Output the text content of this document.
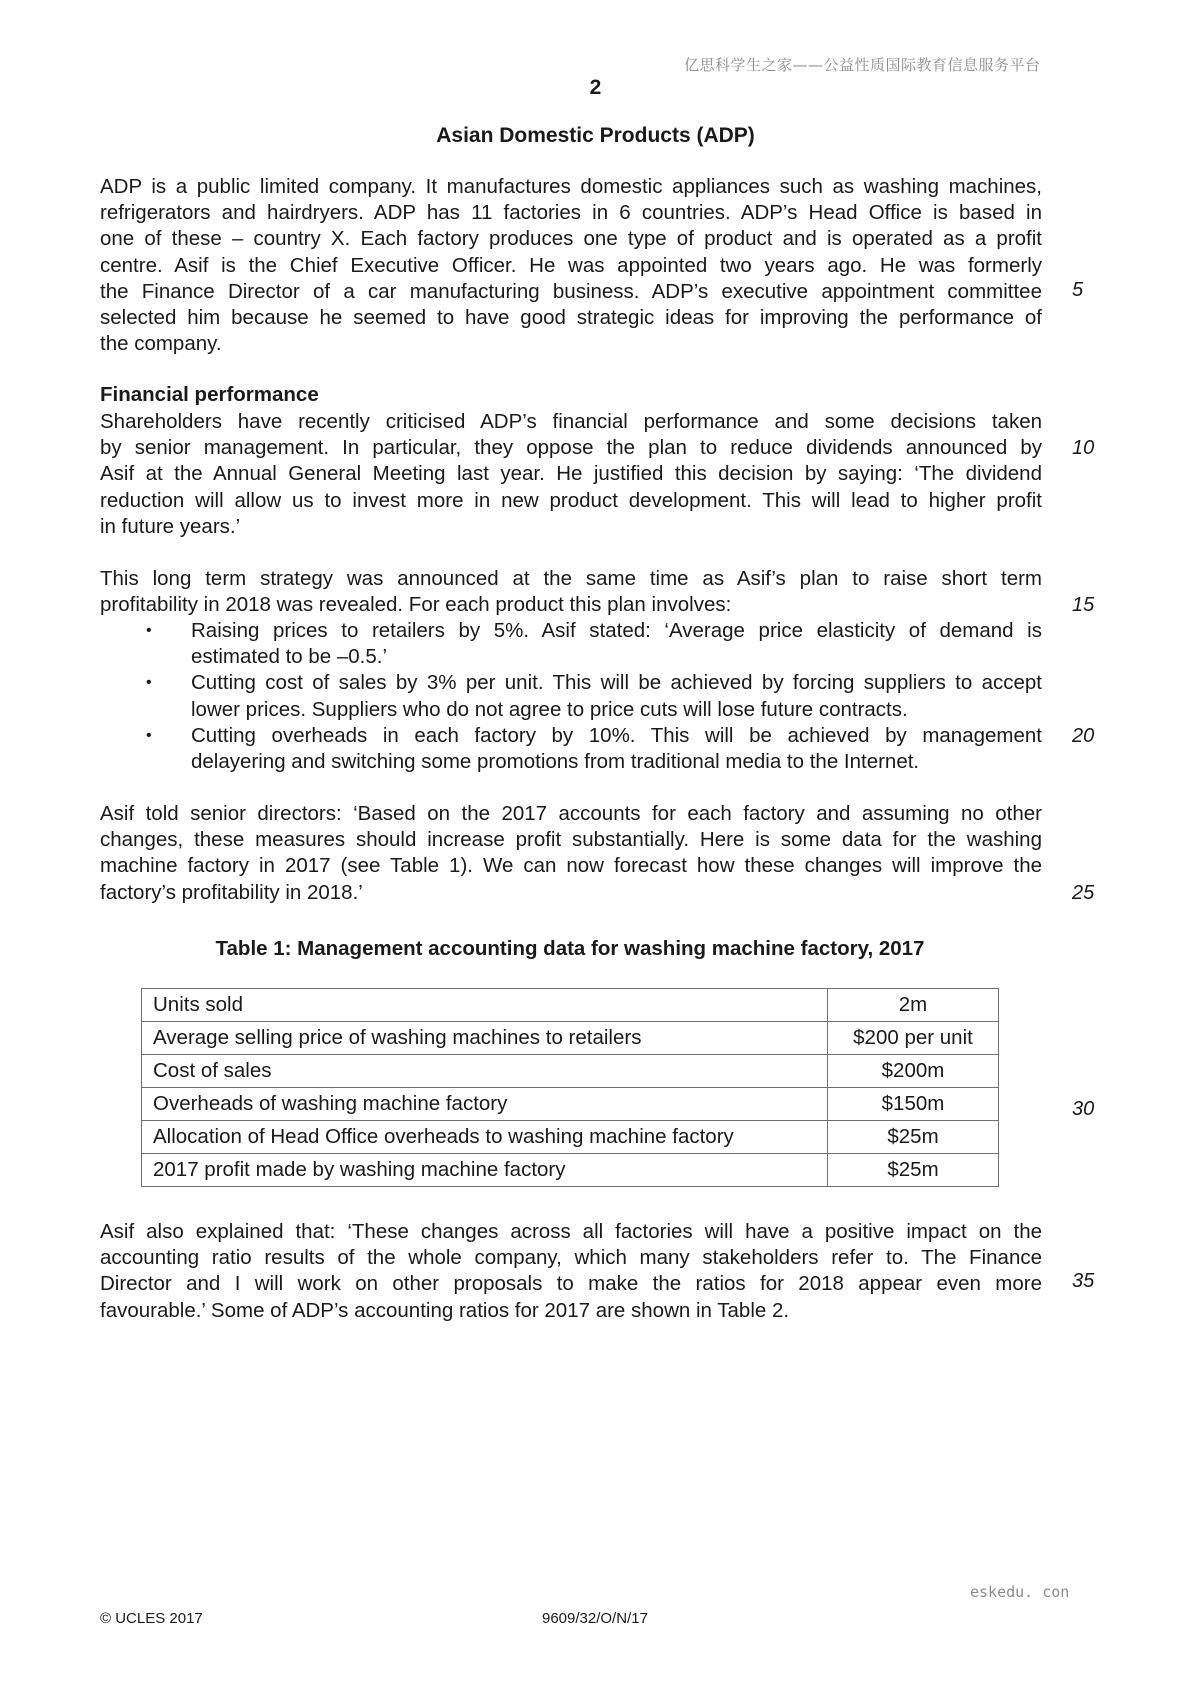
亿思科学生之家——公益性质国际教育信息服务平台
2
Asian Domestic Products (ADP)

ADP is a public limited company. It manufactures domestic appliances such as washing machines,
refrigerators and hairdryers. ADP has 11 factories in 6 countries. ADP’s Head Office is based in
one of these – country X. Each factory produces one type of product and is operated as a profit
centre. Asif is the Chief Executive Officer. He was appointed two years ago. He was formerly
the Finance Director of a car manufacturing business. ADP’s executive appointment committee
selected him because he seemed to have good strategic ideas for improving the performance of
the company.

Financial performance

Shareholders have recently criticised ADP’s financial performance and some decisions taken
by senior management. In particular, they oppose the plan to reduce dividends announced by
Asif at the Annual General Meeting last year. He justified this decision by saying: ‘The dividend
reduction will allow us to invest more in new product development. This will lead to higher profit
in future years.’

This long term strategy was announced at the same time as Asif’s plan to raise short term
profitability in 2018 was revealed. For each product this plan involves:

• Raising prices to retailers by 5%. Asif stated: ‘Average price elasticity of demand is
estimated to be –0.5.’
• Cutting cost of sales by 3% per unit. This will be achieved by forcing suppliers to accept
lower prices. Suppliers who do not agree to price cuts will lose future contracts.
• Cutting overheads in each factory by 10%. This will be achieved by management
delayering and switching some promotions from traditional media to the Internet.

Asif told senior directors: ‘Based on the 2017 accounts for each factory and assuming no other
changes, these measures should increase profit substantially. Here is some data for the washing
machine factory in 2017 (see Table 1). We can now forecast how these changes will improve the
factory’s profitability in 2018.’

Table 1: Management accounting data for washing machine factory, 2017
Units sold	2m
Average selling price of washing machines to retailers	$200 per unit
Cost of sales	$200m
Overheads of washing machine factory	$150m
Allocation of Head Office overheads to washing machine factory	$25m
2017 profit made by washing machine factory	$25m

Asif also explained that: ‘These changes across all factories will have a positive impact on the
accounting ratio results of the whole company, which many stakeholders refer to. The Finance
Director and I will work on other proposals to make the ratios for 2018 appear even more
favourable.’ Some of ADP’s accounting ratios for 2017 are shown in Table 2.

5
10
15
20
25
30
35
eskedu. con
© UCLES 2017	9609/32/O/N/17
